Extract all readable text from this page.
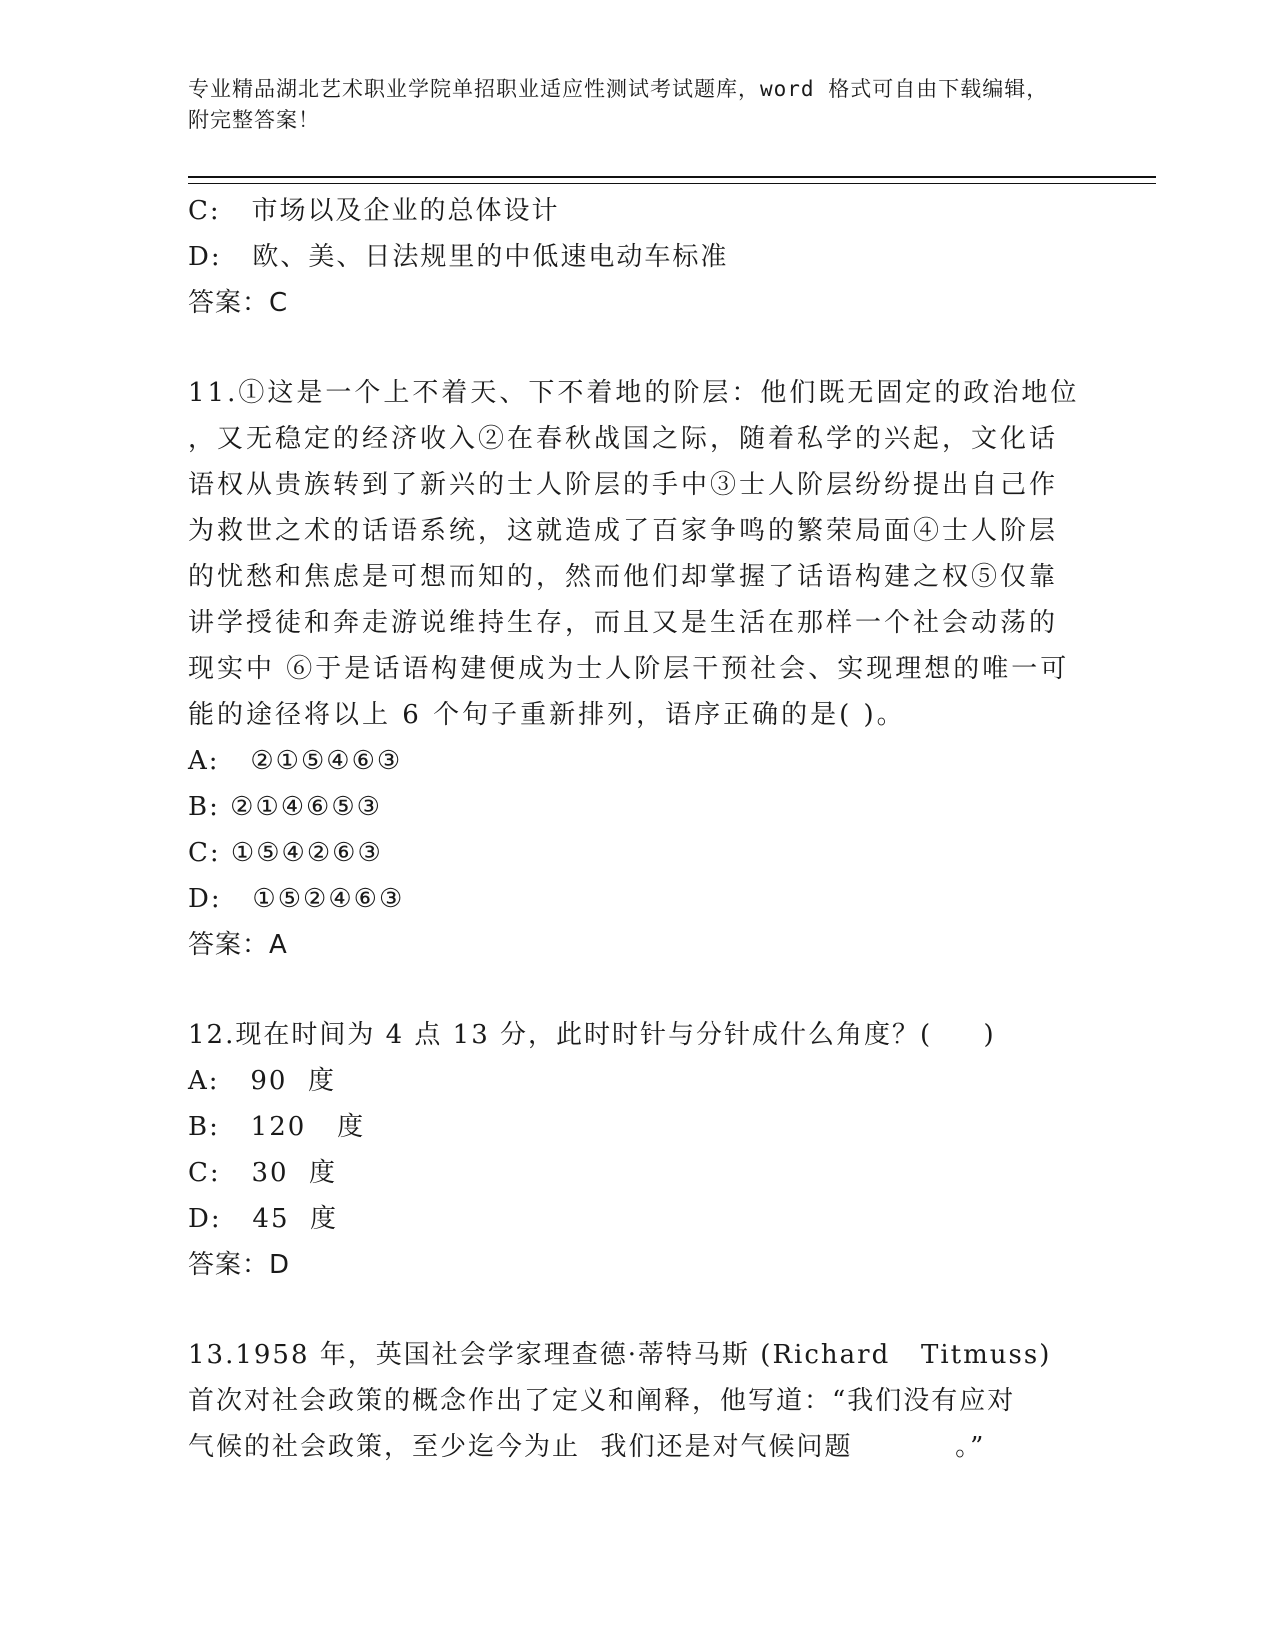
专业精品湖北艺术职业学院单招职业适应性测试考试题库，word 格式可自由下载编辑，附完整答案！
C:   市场以及企业的总体设计
D:   欧、美、日法规里的中低速电动车标准
答案：C
11.①这是一个上不着天、下不着地的阶层：他们既无固定的政治地位
，又无稳定的经济收入②在春秋战国之际，随着私学的兴起，文化话
语权从贵族转到了新兴的士人阶层的手中③士人阶层纷纷提出自己作
为救世之术的话语系统，这就造成了百家争鸣的繁荣局面④士人阶层
的忧愁和焦虑是可想而知的，然而他们却掌握了话语构建之权⑤仅靠
讲学授徒和奔走游说维持生存，而且又是生活在那样一个社会动荡的
现实中 ⑥于是话语构建便成为士人阶层干预社会、实现理想的唯一可
能的途径将以上 6 个句子重新排列，语序正确的是( )。
A:   ②①⑤④⑥③
B: ②①④⑥⑤③
C: ①⑤④②⑥③
D:   ①⑤②④⑥③
答案：A
12.现在时间为 4 点 13 分，此时时针与分针成什么角度？(     )
A:   90  度
B:   120   度
C:   30  度
D:   45  度
答案：D
13.1958 年，英国社会学家理查德·蒂特马斯 (Richard   Titmuss)
首次对社会政策的概念作出了定义和阐释，他写道：“我们没有应对
气候的社会政策，至少迄今为止  我们还是对气候问题          。”
